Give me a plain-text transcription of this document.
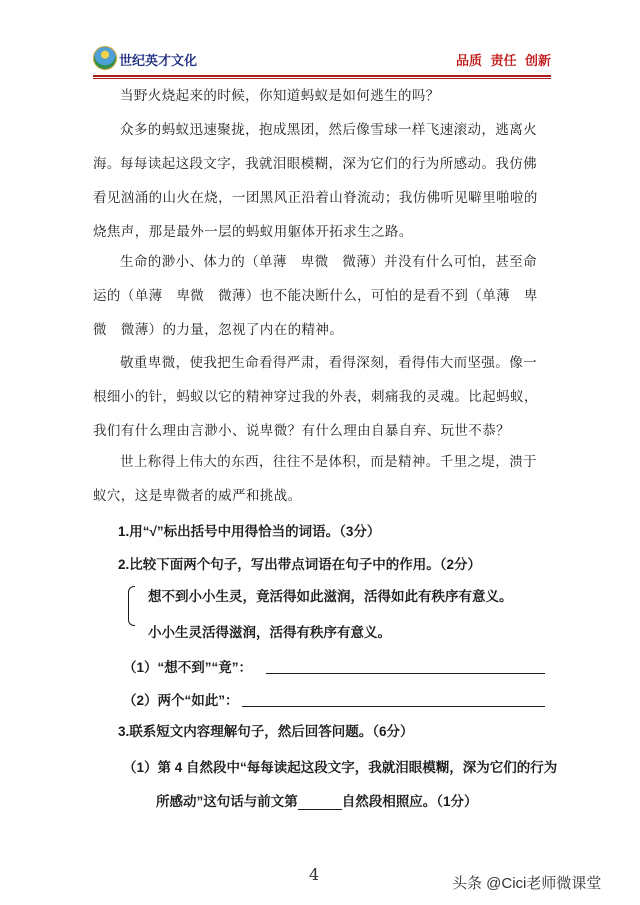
世纪英才文化	品质 责任 创新

当野火烧起来的时候，你知道蚂蚁是如何逃生的吗？

众多的蚂蚁迅速聚拢，抱成黑团，然后像雪球一样飞速滚动，逃离火海。 每每读起这段文字，我就泪眼模糊，深为它们的行为所感动。我仿佛看见汹涌的山火在烧，一团黑风正沿着山脊流动；我仿佛听见噼里啪啦的烧焦声，那是最外一层的蚂蚁用躯体开拓求生之路。

生命的渺小、体力的（单薄　卑微　微薄）并没有什么可怕，甚至命运的（单薄　卑微　微薄）也不能决断什么，可怕的是看不到（单薄　卑微　微薄）的力量，忽视了内在的精神。

敬重卑微，使我把生命看得严肃，看得深刻，看得伟大而坚强。像一根细小的针，蚂蚁以它的精神穿过我的外表，刺痛我的灵魂。比起蚂蚁，我们有什么理由言渺小、说卑微？有什么理由自暴自弃、玩世不恭？

世上称得上伟大的东西，往往不是体积，而是精神。千里之堤，溃于蚁穴，这是卑微者的威严和挑战。

1.用“√”标出括号中用得恰当的词语。（3分）

2.比较下面两个句子，写出带点词语在句子中的作用。（2分）

想不到小小生灵，竟活得如此滋润，活得如此有秩序有意义。

小小生灵活得滋润，活得有秩序有意义。

（1）“想不到”“竟”：

（2）两个“如此”：

3.联系短文内容理解句子，然后回答问题。（6分）

（1）第 4 自然段中“每每读起这段文字，我就泪眼模糊，深为它们的行为

所感动”这句话与前文第	自然段相照应。（1分）

4	头条 @Cici老师微课堂
